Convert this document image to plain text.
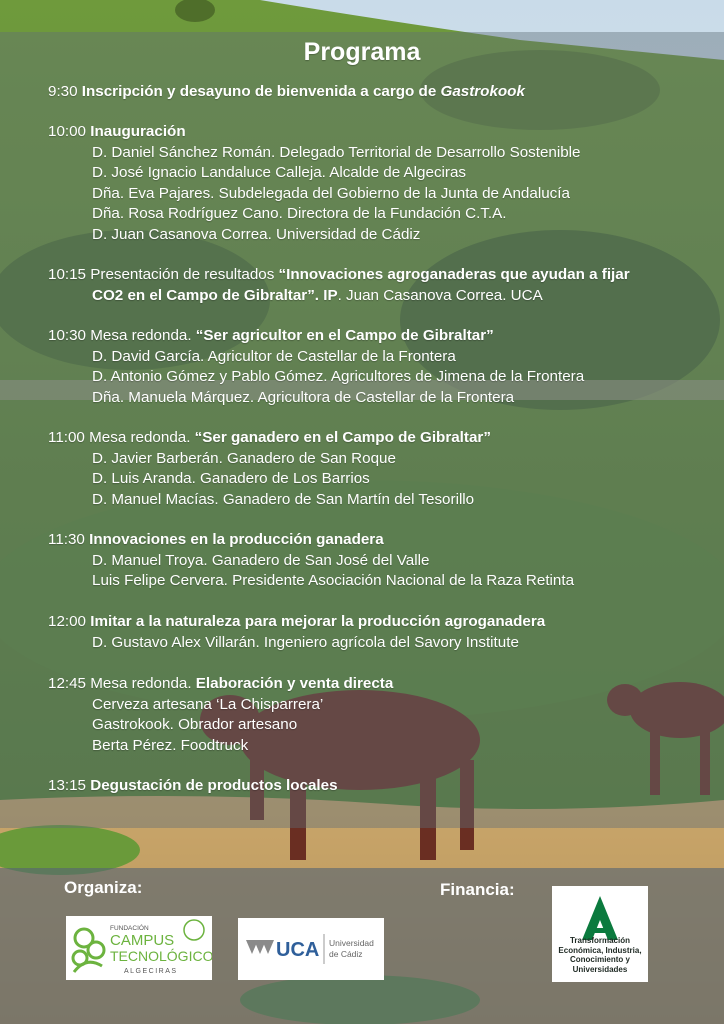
Programa
9:30 Inscripción y desayuno de bienvenida a cargo de Gastrokook
10:00 Inauguración
D. Daniel Sánchez Román. Delegado Territorial de Desarrollo Sostenible
D. José Ignacio Landaluce Calleja. Alcalde de Algeciras
Dña. Eva Pajares. Subdelegada del Gobierno de la Junta de Andalucía
Dña. Rosa Rodríguez Cano. Directora de la Fundación C.T.A.
D. Juan Casanova Correa. Universidad de Cádiz
10:15 Presentación de resultados “Innovaciones agroganaderas que ayudan a fijar
CO2 en el Campo de Gibraltar”. IP. Juan Casanova Correa. UCA
10:30 Mesa redonda. “Ser agricultor en el Campo de Gibraltar”
D. David García. Agricultor de Castellar de la Frontera
D. Antonio Gómez y Pablo Gómez. Agricultores de Jimena de la Frontera
Dña. Manuela Márquez. Agricultora de Castellar de la Frontera
11:00 Mesa redonda. “Ser ganadero en el Campo de Gibraltar”
D. Javier Barberán. Ganadero de San Roque
D. Luis Aranda. Ganadero de Los Barrios
D. Manuel Macías. Ganadero de San Martín del Tesorillo
11:30 Innovaciones en la producción ganadera
D. Manuel Troya. Ganadero de San José del Valle
Luis Felipe Cervera. Presidente Asociación Nacional de la Raza Retinta
12:00 Imitar a la naturaleza para mejorar la producción agroganadera
D. Gustavo Alex Villarán. Ingeniero agrícola del Savory Institute
12:45 Mesa redonda. Elaboración y venta directa
Cerveza artesana ‘La Chisparrera’
Gastrokook. Obrador artesano
Berta Pérez. Foodtruck
13:15 Degustación de productos locales
Organiza:	Financia:
FUNDACIÓN
CAMPUS
TECNOLÓGICO
ALGECIRAS
UCA Universidad
de Cádiz
Transformación
Económica, Industria,
Conocimiento y
Universidades
